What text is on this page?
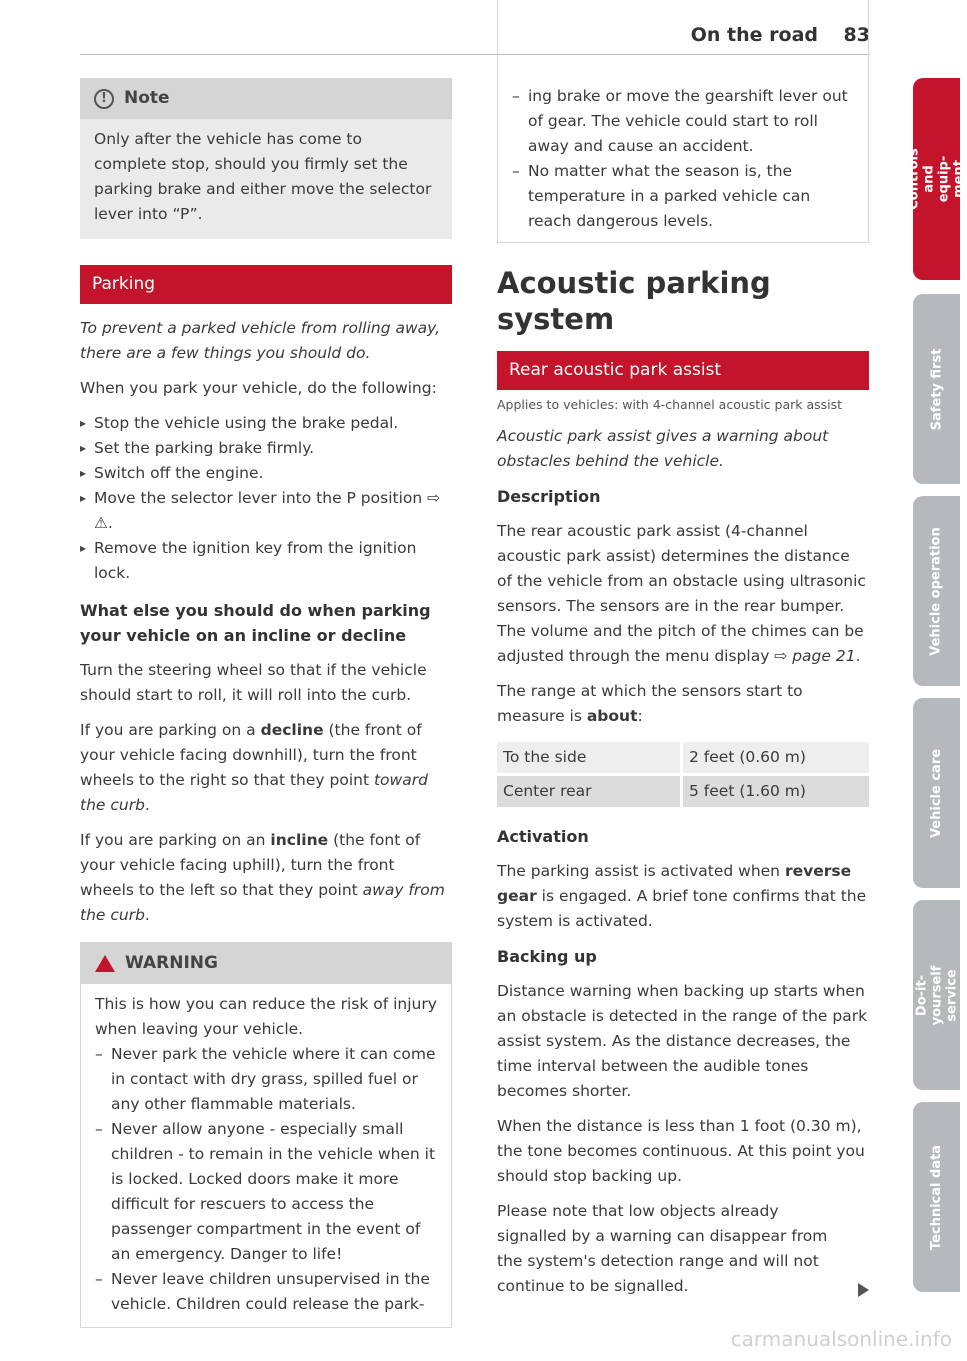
On the road 83
!	Note
Only after the vehicle has come to complete stop, should you firmly set the parking brake and either move the selector lever into “P”.
Parking

To prevent a parked vehicle from rolling away, there are a few things you should do.

When you park your vehicle, do the following:

▸ Stop the vehicle using the brake pedal.
▸ Set the parking brake firmly.
▸ Switch off the engine.
▸ Move the selector lever into the P position ⇨ ⚠.
▸ Remove the ignition key from the ignition lock.
What else you should do when parking your vehicle on an incline or decline

Turn the steering wheel so that if the vehicle should start to roll, it will roll into the curb.

If you are parking on a decline (the front of your vehicle facing downhill), turn the front wheels to the right so that they point toward the curb.

If you are parking on an incline (the font of your vehicle facing uphill), turn the front wheels to the left so that they point away from the curb.

WARNING
This is how you can reduce the risk of injury when leaving your vehicle.
– Never park the vehicle where it can come in contact with dry grass, spilled fuel or any other flammable materials.
– Never allow anyone - especially small children - to remain in the vehicle when it is locked. Locked doors make it more difficult for rescuers to access the passenger compartment in the event of an emergency. Danger to life!
– Never leave children unsupervised in the vehicle. Children could release the park-
– ing brake or move the gearshift lever out of gear. The vehicle could start to roll away and cause an accident.
– No matter what the season is, the temperature in a parked vehicle can reach dangerous levels.
Acoustic parking system
Rear acoustic park assist
Applies to vehicles: with 4-channel acoustic park assist

Acoustic park assist gives a warning about obstacles behind the vehicle.

Description

The rear acoustic park assist (4-channel acoustic park assist) determines the distance of the vehicle from an obstacle using ultrasonic sensors. The sensors are in the rear bumper. The volume and the pitch of the chimes can be adjusted through the menu display ⇨ page 21.

The range at which the sensors start to measure is about:

To the side	2 feet (0.60 m)
Center rear	5 feet (1.60 m)
Activation

The parking assist is activated when reverse gear is engaged. A brief tone confirms that the system is activated.

Backing up

Distance warning when backing up starts when an obstacle is detected in the range of the park assist system. As the distance decreases, the time interval between the audible tones becomes shorter.

When the distance is less than 1 foot (0.30 m), the tone becomes continuous. At this point you should stop backing up.

Please note that low objects already signalled by a warning can disappear from the system's detection range and will not continue to be signalled.

Controls and equip-ment
Safety first
Vehicle operation
Vehicle care
Do-it-yourself service
Technical data
carmanualsonline.info
